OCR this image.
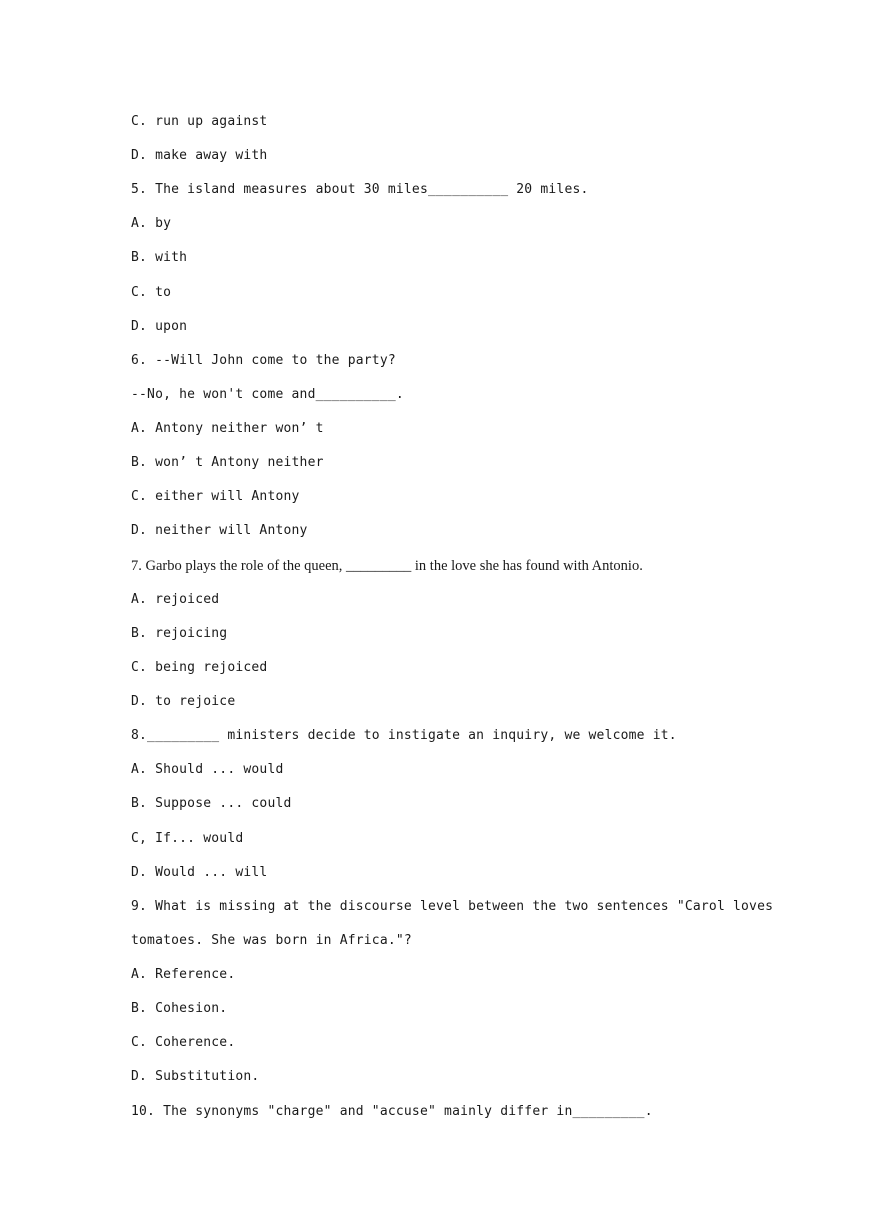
C. run up against
D. make away with
5. The island measures about 30 miles__________ 20 miles.
A. by
B. with
C. to
D. upon
6. --Will John come to the party?
--No, he won't come and__________.
A. Antony neither won’ t
B. won’ t Antony neither
C. either will Antony
D. neither will Antony
7. Garbo plays the role of the queen, _________ in the love she has found with Antonio.
A. rejoiced
B. rejoicing
C. being rejoiced
D. to rejoice
8._________ ministers decide to instigate an inquiry, we welcome it.
A. Should ... would
B. Suppose ... could
C, If... would
D. Would ... will
9. What is missing at the discourse level between the two sentences "Carol loves
tomatoes. She was born in Africa."?
A. Reference.
B. Cohesion.
C. Coherence.
D. Substitution.
10. The synonyms "charge" and "accuse" mainly differ in_________.
